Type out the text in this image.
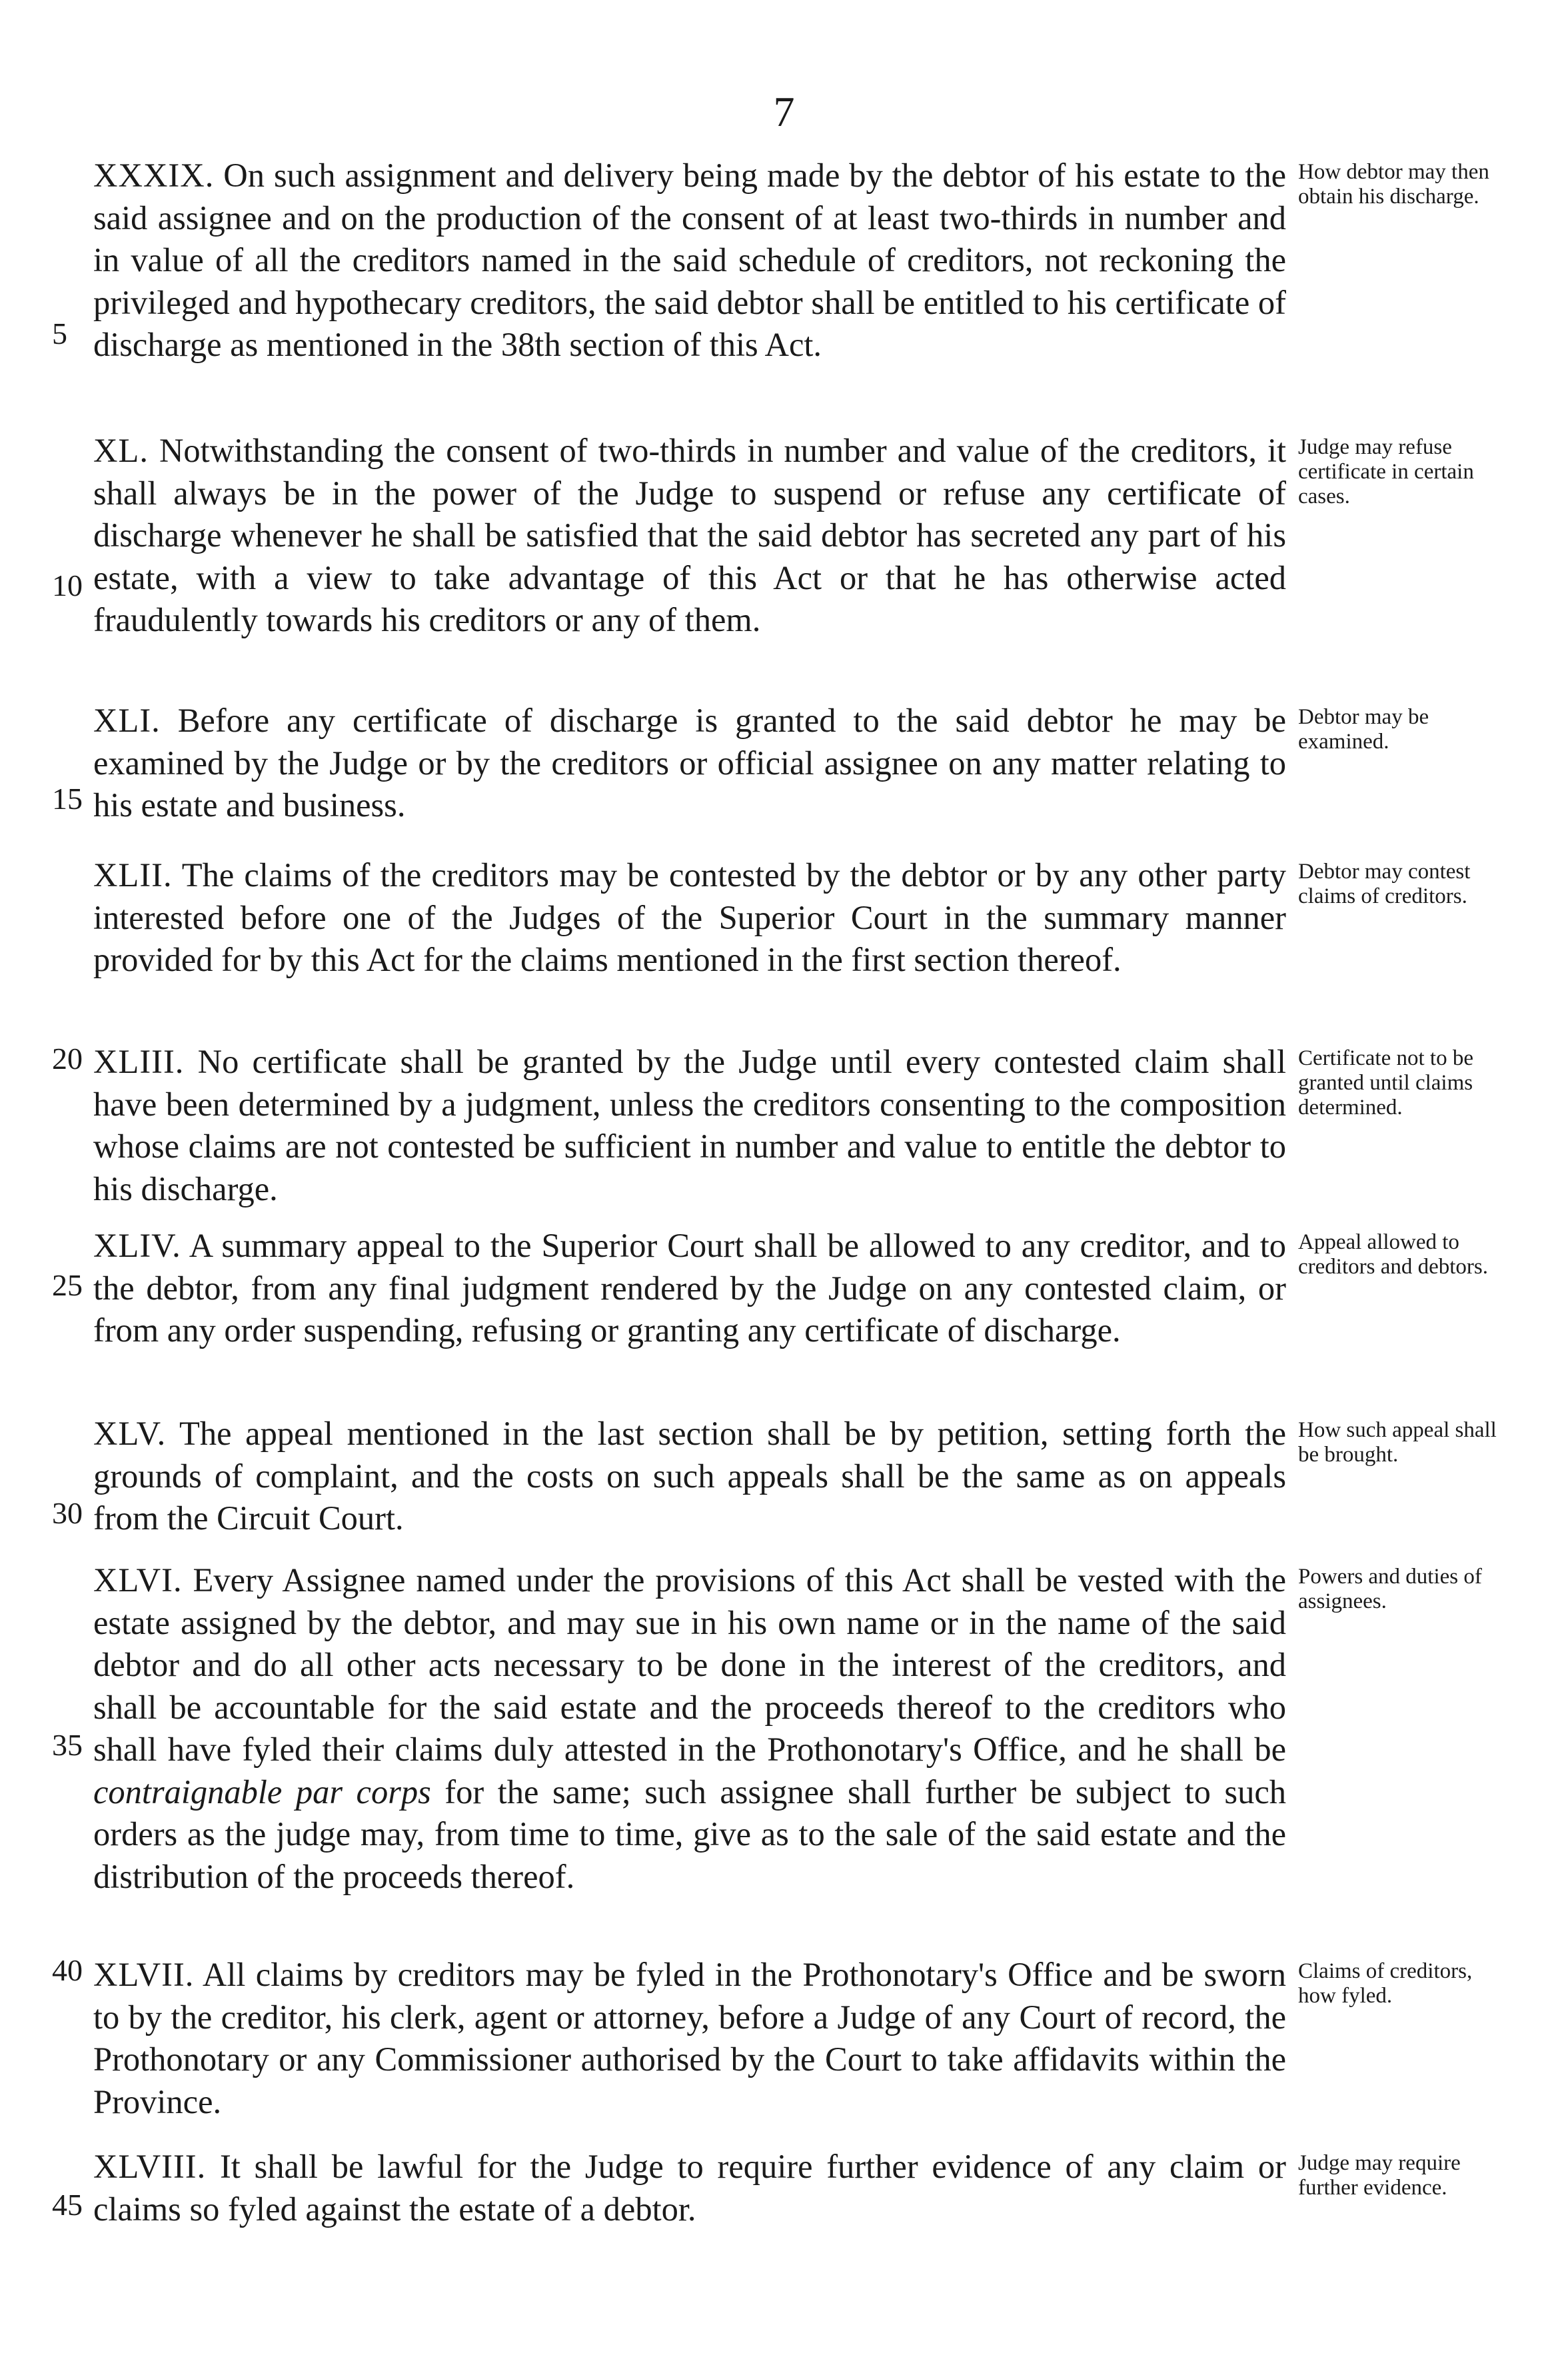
7
XXXIX. On such assignment and delivery being made by the debtor of his estate to the said assignee and on the production of the consent of at least two-thirds in number and in value of all the creditors named in the said schedule of creditors, not reckoning the privileged and hypothecary creditors, the said debtor shall be entitled to his certificate of discharge as mentioned in the 38th section of this Act.
How debtor may then obtain his discharge.
XL. Notwithstanding the consent of two-thirds in number and value of the creditors, it shall always be in the power of the Judge to suspend or refuse any certificate of discharge whenever he shall be satisfied that the said debtor has secreted any part of his estate, with a view to take advantage of this Act or that he has otherwise acted fraudulently towards his creditors or any of them.
Judge may refuse certificate in certain cases.
XLI. Before any certificate of discharge is granted to the said debtor he may be examined by the Judge or by the creditors or official assignee on any matter relating to his estate and business.
Debtor may be examined.
XLII. The claims of the creditors may be contested by the debtor or by any other party interested before one of the Judges of the Superior Court in the summary manner provided for by this Act for the claims mentioned in the first section thereof.
Debtor may contest claims of creditors.
XLIII. No certificate shall be granted by the Judge until every contested claim shall have been determined by a judgment, unless the creditors consenting to the composition whose claims are not contested be sufficient in number and value to entitle the debtor to his discharge.
Certificate not to be granted until claims determined.
XLIV. A summary appeal to the Superior Court shall be allowed to any creditor, and to the debtor, from any final judgment rendered by the Judge on any contested claim, or from any order suspending, refusing or granting any certificate of discharge.
Appeal allowed to creditors and debtors.
XLV. The appeal mentioned in the last section shall be by petition, setting forth the grounds of complaint, and the costs on such appeals shall be the same as on appeals from the Circuit Court.
How such appeal shall be brought.
XLVI. Every Assignee named under the provisions of this Act shall be vested with the estate assigned by the debtor, and may sue in his own name or in the name of the said debtor and do all other acts necessary to be done in the interest of the creditors, and shall be accountable for the said estate and the proceeds thereof to the creditors who shall have fyled their claims duly attested in the Prothonotary's Office, and he shall be contraignable par corps for the same; such assignee shall further be subject to such orders as the judge may, from time to time, give as to the sale of the said estate and the distribution of the proceeds thereof.
Powers and duties of assignees.
XLVII. All claims by creditors may be fyled in the Prothonotary's Office and be sworn to by the creditor, his clerk, agent or attorney, before a Judge of any Court of record, the Prothonotary or any Commissioner authorised by the Court to take affidavits within the Province.
Claims of creditors, how fyled.
XLVIII. It shall be lawful for the Judge to require further evidence of any claim or claims so fyled against the estate of a debtor.
Judge may require further evidence.
5
10
15
20
25
30
35
40
45
